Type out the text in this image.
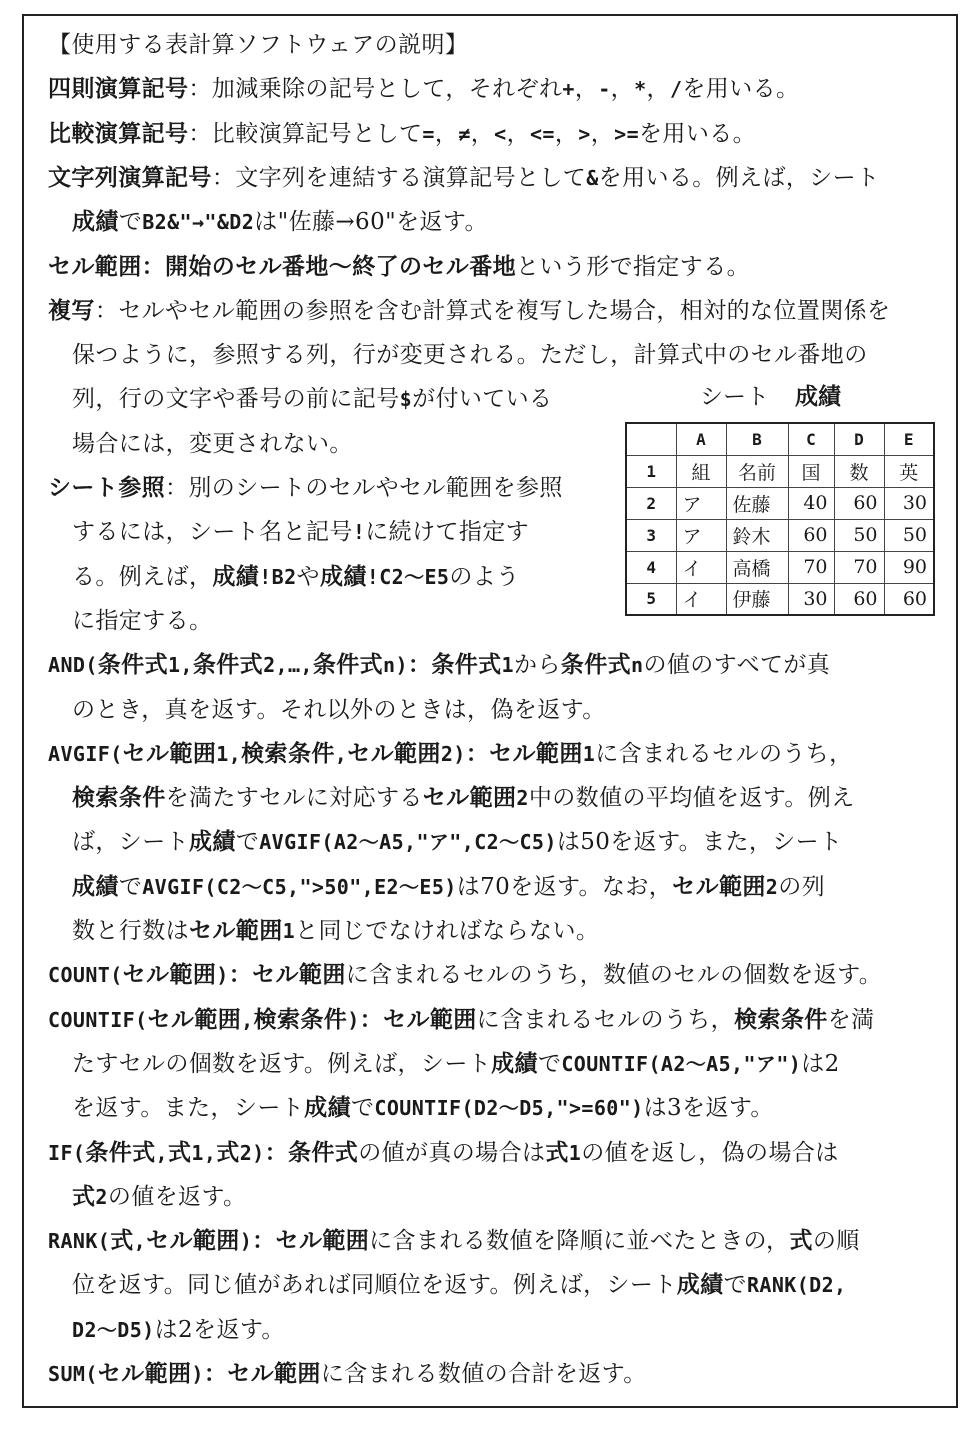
【使用する表計算ソフトウェアの説明】
四則演算記号：加減乗除の記号として，それぞれ+，-，*，/を用いる。
比較演算記号：比較演算記号として=，≠，<，<=，>，>=を用いる。
文字列演算記号：文字列を連結する演算記号として&を用いる。例えば，シート
成績でB2&"→"&D2は"佐藤→60"を返す。
セル範囲：開始のセル番地～終了のセル番地という形で指定する。
複写：セルやセル範囲の参照を含む計算式を複写した場合，相対的な位置関係を
保つように，参照する列，行が変更される。ただし，計算式中のセル番地の
列，行の文字や番号の前に記号$が付いている
場合には，変更されない。
シート参照：別のシートのセルやセル範囲を参照
するには，シート名と記号!に続けて指定す
る。例えば，成績!B2や成績!C2～E5のよう
に指定する。
AND(条件式1,条件式2,…,条件式n)：条件式1から条件式nの値のすべてが真
のとき，真を返す。それ以外のときは，偽を返す。
AVGIF(セル範囲1,検索条件,セル範囲2)：セル範囲1に含まれるセルのうち，
検索条件を満たすセルに対応するセル範囲2中の数値の平均値を返す。例え
ば，シート成績でAVGIF(A2～A5,"ア",C2～C5)は50を返す。また，シート
成績でAVGIF(C2～C5,">50",E2～E5)は70を返す。なお，セル範囲2の列
数と行数はセル範囲1と同じでなければならない。
COUNT(セル範囲)：セル範囲に含まれるセルのうち，数値のセルの個数を返す。
COUNTIF(セル範囲,検索条件)：セル範囲に含まれるセルのうち，検索条件を満
たすセルの個数を返す。例えば，シート成績でCOUNTIF(A2～A5,"ア")は2
を返す。また，シート成績でCOUNTIF(D2～D5,">=60")は3を返す。
IF(条件式,式1,式2)：条件式の値が真の場合は式1の値を返し，偽の場合は
式2の値を返す。
RANK(式,セル範囲)：セル範囲に含まれる数値を降順に並べたときの，式の順
位を返す。同じ値があれば同順位を返す。例えば，シート成績でRANK(D2,
D2～D5)は2を返す。
SUM(セル範囲)：セル範囲に含まれる数値の合計を返す。
シート 成績
	A	B	C	D	E
1	組	名前	国	数	英
2	ア	佐藤	40	60	30
3	ア	鈴木	60	50	50
4	イ	高橋	70	70	90
5	イ	伊藤	30	60	60
